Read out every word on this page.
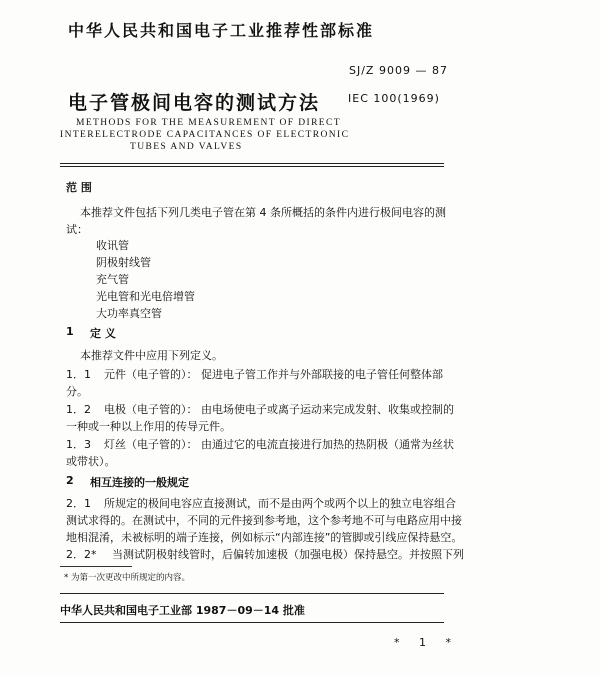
中华人民共和国电子工业推荐性部标准
SJ/Z 9009 — 87
电子管极间电容的测试方法	IEC 100(1969)
METHODS FOR THE MEASUREMENT OF DIRECT
INTERELECTRODE CAPACITANCES OF ELECTRONIC
TUBES AND VALVES
范 围
本推荐文件包括下列几类电子管在第 4 条所概括的条件内进行极间电容的测
试：
收讯管
阴极射线管
充气管
光电管和光电倍增管
大功率真空管
1 定 义
本推荐文件中应用下列定义。
1．1 元件（电子管的）： 促进电子管工作并与外部联接的电子管任何整体部
分。
1．2 电极（电子管的）： 由电场使电子或离子运动来完成发射、收集或控制的
一种或一种以上作用的传导元件。
1．3 灯丝（电子管的）： 由通过它的电流直接进行加热的热阴极（通常为丝状
或带状）。
2 相互连接的一般规定
2．1 所规定的极间电容应直接测试，而不是由两个或两个以上的独立电容组合
测试求得的。在测试中，不同的元件接到参考地，这个参考地不可与电路应用中接
地相混淆，未被标明的端子连接，例如标示“内部连接”的管脚或引线应保持悬空。
2．2* 当测试阴极射线管时，后偏转加速极（加强电极）保持悬空。并按照下列
* 为第一次更改中所规定的内容。
中华人民共和国电子工业部 1987－09－14 批准
* 1 *
